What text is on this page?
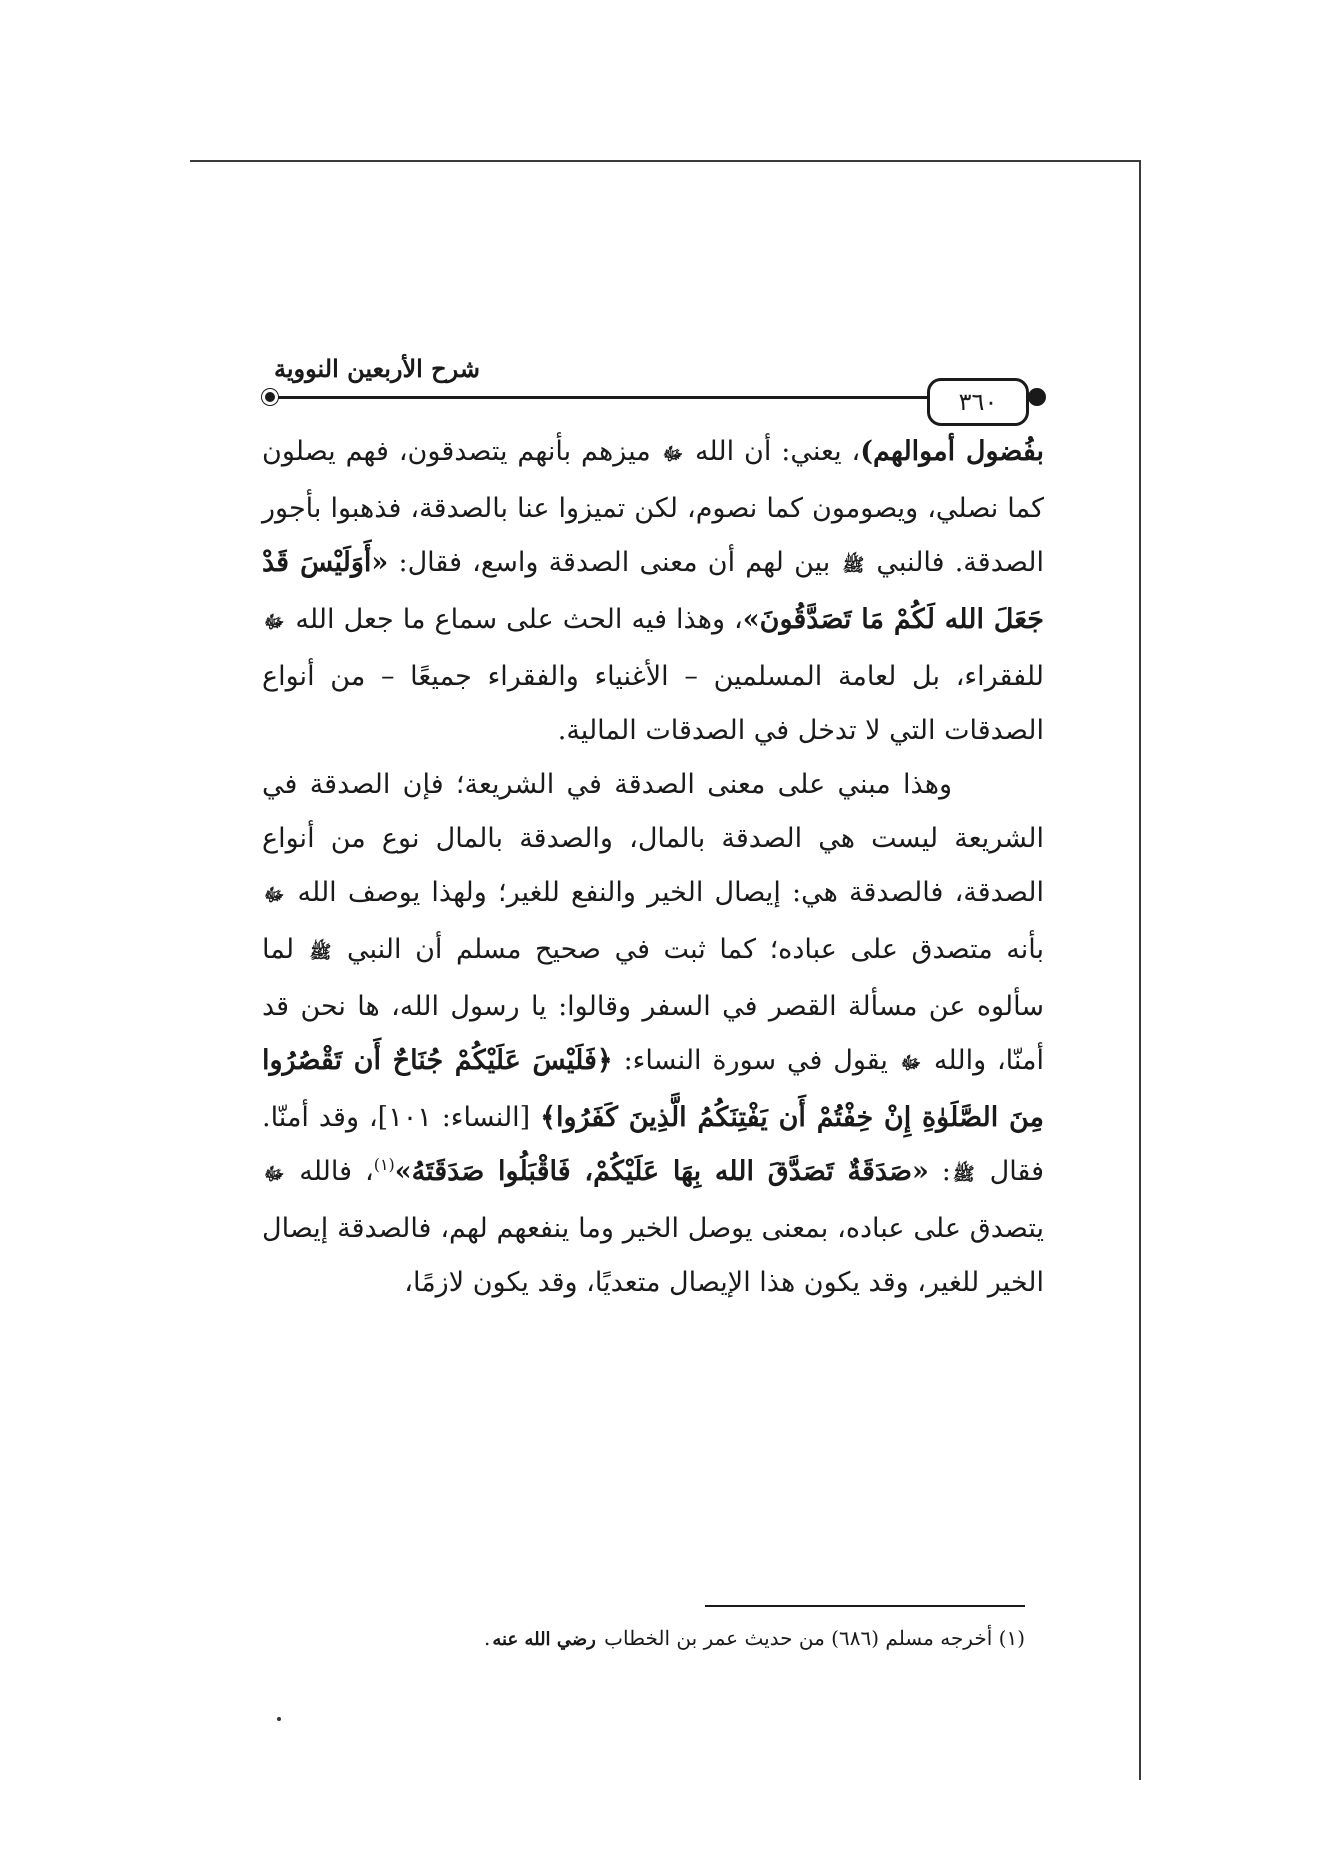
شرح الأربعين النووية
٣٦٠

بفُضول أموالهم)، يعني: أن الله ﷻ ميزهم بأنهم يتصدقون، فهم يصلون كما نصلي، ويصومون كما نصوم، لكن تميزوا عنا بالصدقة، فذهبوا بأجور الصدقة. فالنبي ﷺ بين لهم أن معنى الصدقة واسع، فقال: «أَوَلَيْسَ قَدْ جَعَلَ الله لَكُمْ مَا تَصَدَّقُونَ»، وهذا فيه الحث على سماع ما جعل الله ﷻ للفقراء، بل لعامة المسلمين – الأغنياء والفقراء جميعًا – من أنواع الصدقات التي لا تدخل في الصدقات المالية.

وهذا مبني على معنى الصدقة في الشريعة؛ فإن الصدقة في الشريعة ليست هي الصدقة بالمال، والصدقة بالمال نوع من أنواع الصدقة، فالصدقة هي: إيصال الخير والنفع للغير؛ ولهذا يوصف الله ﷻ بأنه متصدق على عباده؛ كما ثبت في صحيح مسلم أن النبي ﷺ لما سألوه عن مسألة القصر في السفر وقالوا: يا رسول الله، ها نحن قد أمنّا، والله ﷻ يقول في سورة النساء: ﴿فَلَيْسَ عَلَيْكُمْ جُنَاحٌ أَن تَقْصُرُوا مِنَ الصَّلَوٰةِ إِنْ خِفْتُمْ أَن يَفْتِنَكُمُ الَّذِينَ كَفَرُوا﴾ [النساء: ١٠١]، وقد أمنّا. فقال ﷺ: «صَدَقَةٌ تَصَدَّقَ الله بِهَا عَلَيْكُمْ، فَاقْبَلُوا صَدَقَتَهُ»$^{(١)}$، فالله ﷻ يتصدق على عباده، بمعنى يوصل الخير وما ينفعهم لهم، فالصدقة إيصال الخير للغير، وقد يكون هذا الإيصال متعديًا، وقد يكون لازمًا،

(١) أخرجه مسلم (٦٨٦) من حديث عمر بن الخطاب رضي الله عنه.
